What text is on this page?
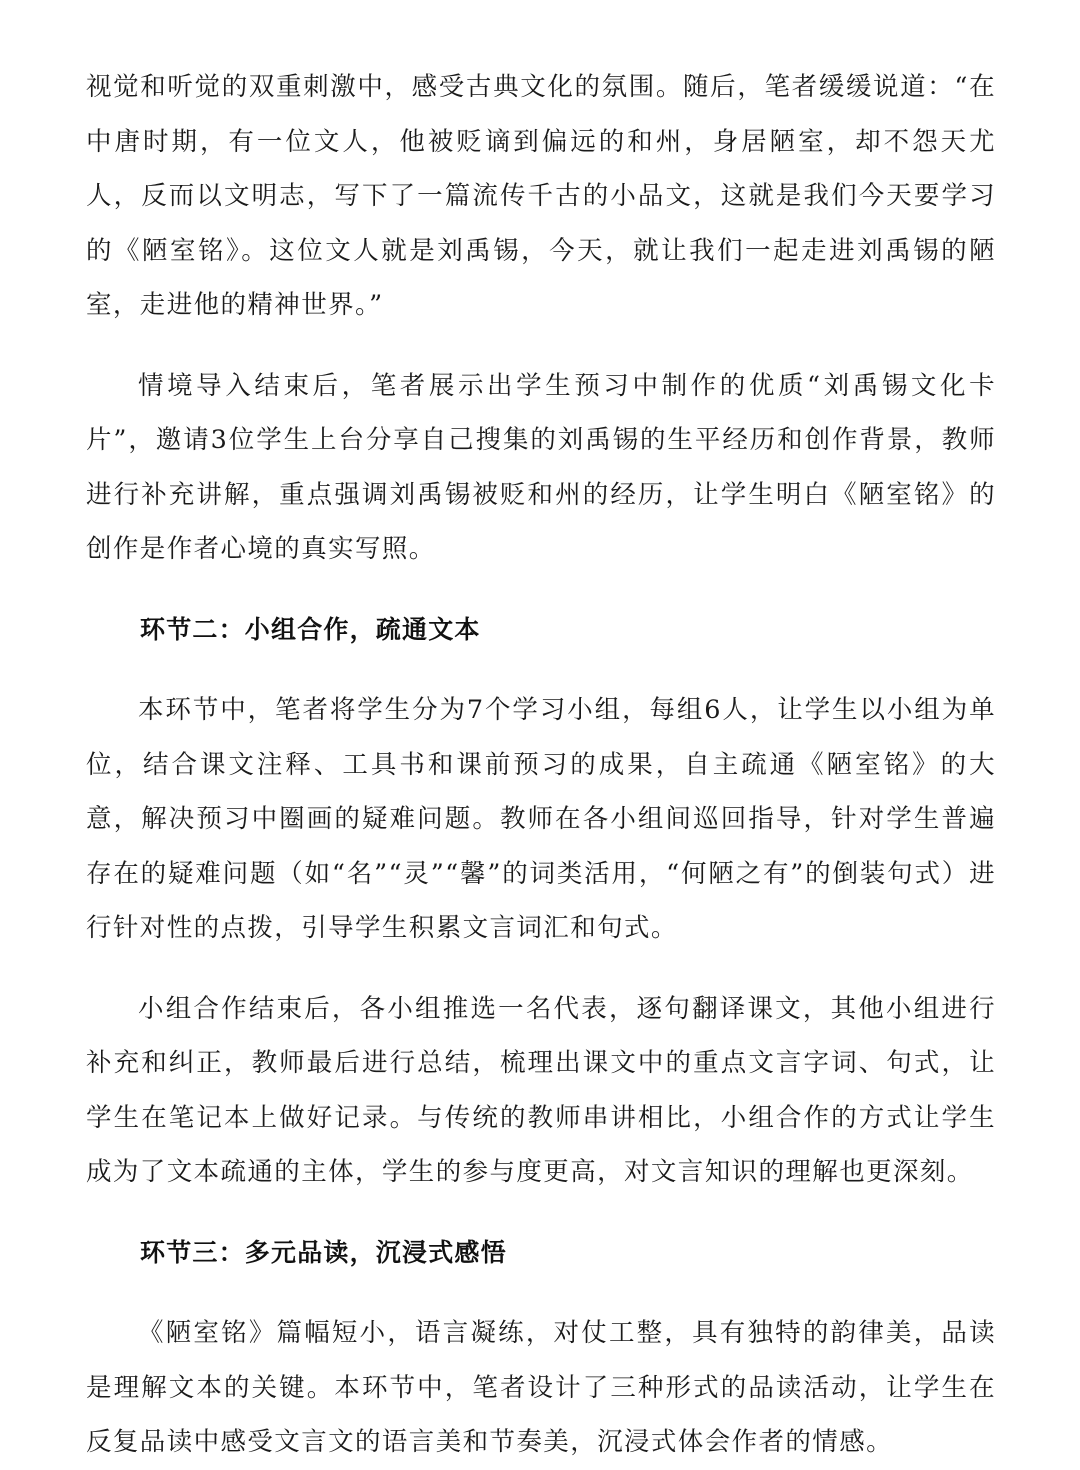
视觉和听觉的双重刺激中，感受古典文化的氛围。随后，笔者缓缓说道：“在中唐时期，有一位文人，他被贬谪到偏远的和州，身居陋室，却不怨天尤人，反而以文明志，写下了一篇流传千古的小品文，这就是我们今天要学习的《陋室铭》。这位文人就是刘禹锡，今天，就让我们一起走进刘禹锡的陋室，走进他的精神世界。”

情境导入结束后，笔者展示出学生预习中制作的优质“刘禹锡文化卡片”，邀请3位学生上台分享自己搜集的刘禹锡的生平经历和创作背景，教师进行补充讲解，重点强调刘禹锡被贬和州的经历，让学生明白《陋室铭》的创作是作者心境的真实写照。

环节二：小组合作，疏通文本

本环节中，笔者将学生分为7个学习小组，每组6人，让学生以小组为单位，结合课文注释、工具书和课前预习的成果，自主疏通《陋室铭》的大意，解决预习中圈画的疑难问题。教师在各小组间巡回指导，针对学生普遍存在的疑难问题（如“名”“灵”“馨”的词类活用，“何陋之有”的倒装句式）进行针对性的点拨，引导学生积累文言词汇和句式。

小组合作结束后，各小组推选一名代表，逐句翻译课文，其他小组进行补充和纠正，教师最后进行总结，梳理出课文中的重点文言字词、句式，让学生在笔记本上做好记录。与传统的教师串讲相比，小组合作的方式让学生成为了文本疏通的主体，学生的参与度更高，对文言知识的理解也更深刻。

环节三：多元品读，沉浸式感悟

《陋室铭》篇幅短小，语言凝练，对仗工整，具有独特的韵律美，品读是理解文本的关键。本环节中，笔者设计了三种形式的品读活动，让学生在反复品读中感受文言文的语言美和节奏美，沉浸式体会作者的情感。
